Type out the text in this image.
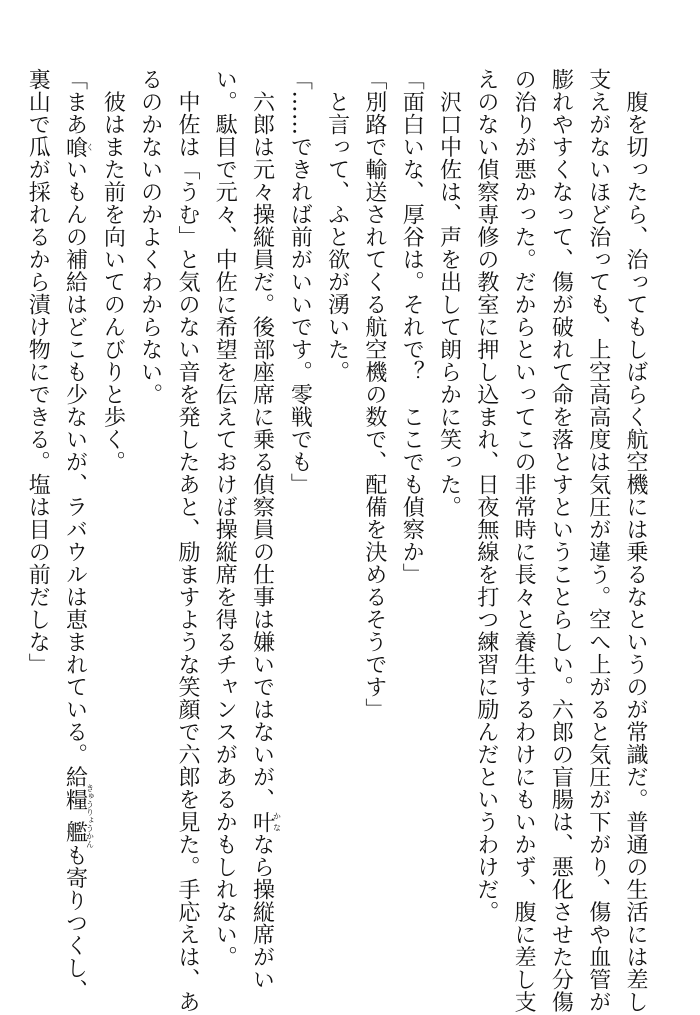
　腹を切ったら、治ってもしばらく航空機には乗るなというのが常識だ。普通の生活には差し
支えがないほど治っても、上空高高度は気圧が違う。空へ上がると気圧が下がり、傷や血管が
膨れやすくなって、傷が破れて命を落とすということらしい。六郎の盲腸は、悪化させた分傷
の治りが悪かった。だからといってこの非常時に長々と養生するわけにもいかず、腹に差し支
えのない偵察専修の教室に押し込まれ、日夜無線を打つ練習に励んだというわけだ。
　沢口中佐は、声を出して朗らかに笑った。
「面白いな、厚谷は。それで？　ここでも偵察か」
「別路で輸送されてくる航空機の数で、配備を決めるそうです」
　と言って、ふと欲が湧いた。
「……できれば前がいいです。零戦でも」
　六郎は元々操縦員だ。後部座席に乗る偵察員の仕事は嫌いではないが、叶かななら操縦席がい
い。駄目で元々、中佐に希望を伝えておけば操縦席を得るチャンスがあるかもしれない。
　中佐は「うむ」と気のない音を発したあと、励ますような笑顔で六郎を見た。手応えは、あ
るのかないのかよくわからない。
　彼はまた前を向いてのんびりと歩く。
「まあ喰くいもんの補給はどこも少ないが、ラバウルは恵まれている。給糧艦きゅうりょうかんも寄りつくし、
裏山で瓜が採れるから漬け物にできる。塩は目の前だしな」
